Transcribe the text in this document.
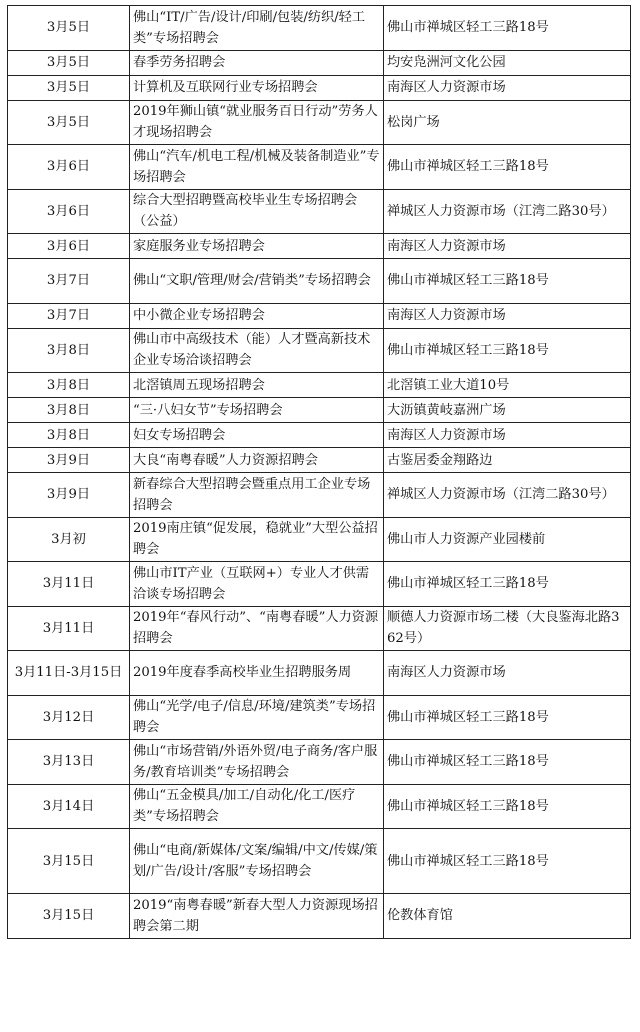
3月5日	佛山“IT/广告/设计/印刷/包装/纺织/轻工类”专场招聘会	佛山市禅城区轻工三路18号
3月5日	春季劳务招聘会	均安凫洲河文化公园
3月5日	计算机及互联网行业专场招聘会	南海区人力资源市场
3月5日	2019年狮山镇“就业服务百日行动”劳务人才现场招聘会	松岗广场
3月6日	佛山“汽车/机电工程/机械及装备制造业”专场招聘会	佛山市禅城区轻工三路18号
3月6日	综合大型招聘暨高校毕业生专场招聘会（公益）	禅城区人力资源市场（江湾二路30号）
3月6日	家庭服务业专场招聘会	南海区人力资源市场
3月7日	佛山“文职/管理/财会/营销类”专场招聘会	佛山市禅城区轻工三路18号
3月7日	中小微企业专场招聘会	南海区人力资源市场
3月8日	佛山市中高级技术（能）人才暨高新技术企业专场洽谈招聘会	佛山市禅城区轻工三路18号
3月8日	北滘镇周五现场招聘会	北滘镇工业大道10号
3月8日	“三·八妇女节”专场招聘会	大沥镇黄岐嘉洲广场
3月8日	妇女专场招聘会	南海区人力资源市场
3月9日	大良“南粤春暖”人力资源招聘会	古鉴居委金翔路边
3月9日	新春综合大型招聘会暨重点用工企业专场招聘会	禅城区人力资源市场（江湾二路30号）
3月初	2019南庄镇“促发展，稳就业”大型公益招聘会	佛山市人力资源产业园楼前
3月11日	佛山市IT产业（互联网+）专业人才供需洽谈专场招聘会	佛山市禅城区轻工三路18号
3月11日	2019年“春风行动”、“南粤春暖”人力资源招聘会	顺德人力资源市场二楼（大良鉴海北路362号）
3月11日-3月15日	2019年度春季高校毕业生招聘服务周	南海区人力资源市场
3月12日	佛山“光学/电子/信息/环境/建筑类”专场招聘会	佛山市禅城区轻工三路18号
3月13日	佛山“市场营销/外语外贸/电子商务/客户服务/教育培训类”专场招聘会	佛山市禅城区轻工三路18号
3月14日	佛山“五金模具/加工/自动化/化工/医疗类”专场招聘会	佛山市禅城区轻工三路18号
3月15日	佛山“电商/新媒体/文案/编辑/中文/传媒/策划/广告/设计/客服”专场招聘会	佛山市禅城区轻工三路18号
3月15日	2019“南粤春暖”新春大型人力资源现场招聘会第二期	伦教体育馆
